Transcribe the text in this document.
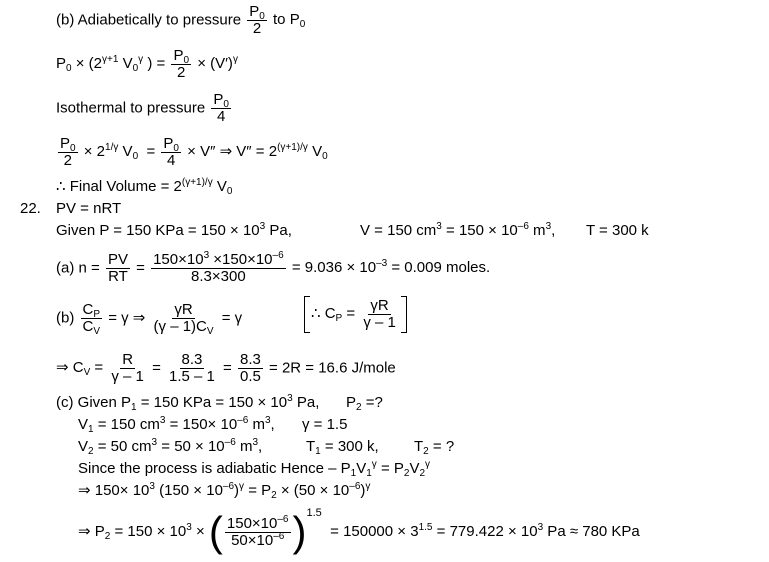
(b) Adiabetically to pressure $\frac{P_0}{2}$ to $P_0$
$P_0 \times (2^{\gamma+1}$ $V_0^\gamma$ ) = $\frac{P_0}{2} \times (V')^\gamma$
Isothermal to pressure $\frac{P_0}{4}$
$\frac{P_0}{2} \times 2^{1/\gamma}$ $V_0 = \frac{P_0}{4} \times V''$ ⇒ $V'' = 2^{(\gamma+1)/\gamma}$ $V_0$
∴ Final Volume = $2^{(\gamma+1)/\gamma}$ $V_0$
22. PV = nRT
Given P = 150 KPa = $150 \times 10^3$ Pa,	V = 150 $cm^3 = 150 \times 10^{-6}$ $m^3$, T = 300 k
(a) $n = \frac{PV}{RT} = \frac{150\times 10^3 \times 150\times 10^{-6}}{8.3\times 300} = 9.036 \times 10^{-3} = 0.009$ moles.
$(b) \frac{C_P}{C_V} = \gamma$ ⇒ $\frac{\gamma R}{(\gamma - 1)C_V} = \gamma$	∴ $C_P = \frac{\gamma R}{\gamma - 1}$
⇒ $C_V = \frac{R}{\gamma - 1} = \frac{8.3}{1.5 - 1} = \frac{8.3}{0.5} = 2R = 16.6$ J/mole
(c) Given $P_1 = 150$ KPa = $150 \times 10^3$ Pa, $P_2$ =?
$V_1 = 150$ $cm^3 = 150\times 10^{-6}$ $m^3$, γ = 1.5
$V_2 = 50$ $cm^3 = 50 \times 10^{-6}$ $m^3$,	$T_1 = 300$ k, $T_2$ = ?
Since the process is adiabatic Hence – $P_1V_1^\gamma = P_2V_2^\gamma$
⇒ $150\times 10^3$ $(150 \times 10^{-6})^\gamma = P_2 \times (50 \times 10^{-6})^\gamma$
⇒ $P_2 = 150 \times 10^3$ × ( $\frac{150\times 10^{-6}}{50\times 10^{-6}} )^{1.5} = 150000 \times 3^{1.5} = 779.422 \times 10^3$ Pa ≈ 780 KPa
